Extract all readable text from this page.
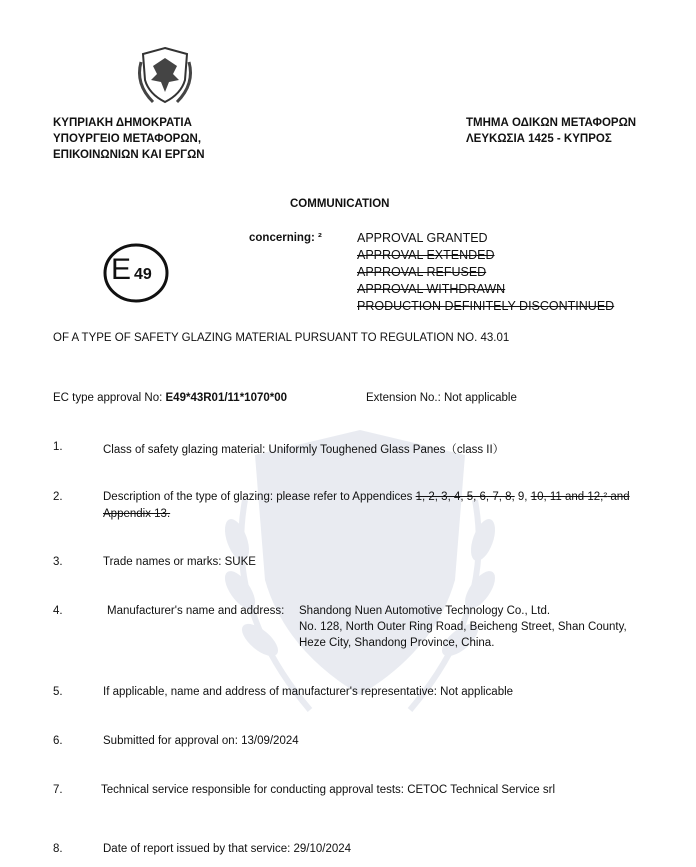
ΚΥΠΡΙΑΚΗ ΔΗΜΟΚΡΑΤΙΑ
ΥΠΟΥΡΓΕΙΟ ΜΕΤΑΦΟΡΩΝ,
ΕΠΙΚΟΙΝΩΝΙΩΝ ΚΑΙ ΕΡΓΩΝ
ΤΜΗΜΑ ΟΔΙΚΩΝ ΜΕΤΑΦΟΡΩΝ
ΛΕΥΚΩΣΙΑ 1425 - ΚΥΠΡΟΣ
COMMUNICATION
E 49
concerning: ²	APPROVAL GRANTED
APPROVAL EXTENDED
APPROVAL REFUSED
APPROVAL WITHDRAWN
PRODUCTION DEFINITELY DISCONTINUED
OF A TYPE OF SAFETY GLAZING MATERIAL PURSUANT TO REGULATION NO. 43.01
EC type approval No: E49*43R01/11*1070*00	Extension No.: Not applicable
1.	Class of safety glazing material: Uniformly Toughened Glass Panes（class II）
2.	Description of the type of glazing: please refer to Appendices 1, 2, 3, 4, 5, 6, 7, 8, 9, 10, 11 and 12,² and
Appendix 13.
3.	Trade names or marks: SUKE
4.	Manufacturer's name and address: Shandong Nuen Automotive Technology Co., Ltd.
No. 128, North Outer Ring Road, Beicheng Street, Shan County,
Heze City, Shandong Province, China.
5.	If applicable, name and address of manufacturer's representative: Not applicable
6.	Submitted for approval on: 13/09/2024
7.	Technical service responsible for conducting approval tests: CETOC Technical Service srl
8.	Date of report issued by that service: 29/10/2024
